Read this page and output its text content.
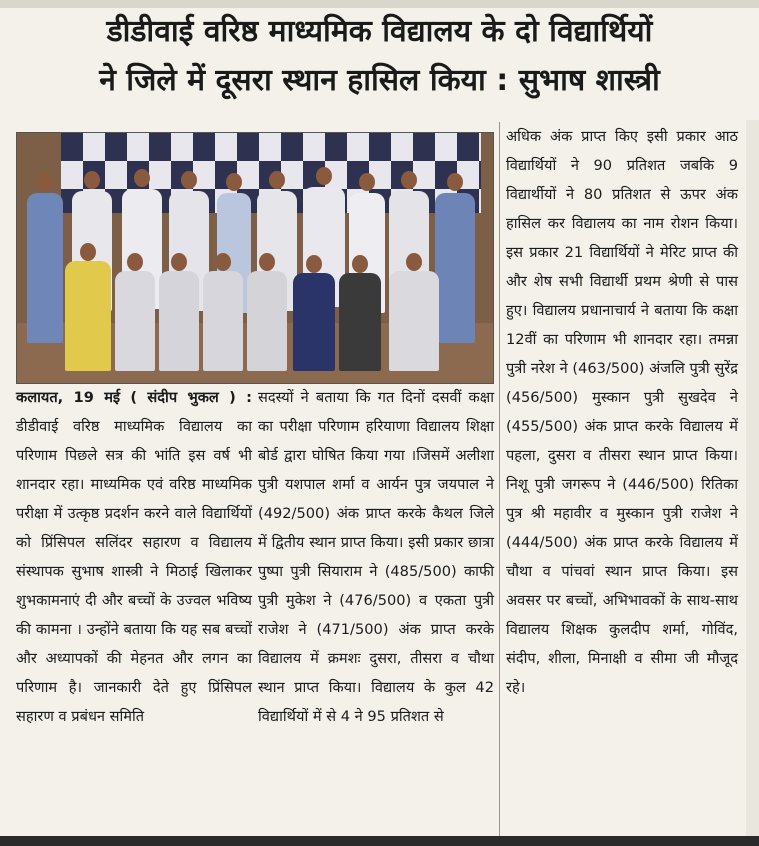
डीडीवाई वरिष्ठ माध्यमिक विद्यालय के दो विद्यार्थियों
ने जिले में दूसरा स्थान हासिल किया : सुभाष शास्त्री

कलायत, 19 मई ( संदीप भुकल ) : डीडीवाई वरिष्ठ माध्यमिक विद्यालय का परिणाम पिछले सत्र की भांति इस वर्ष भी शानदार रहा। माध्यमिक एवं वरिष्ठ माध्यमिक परीक्षा में उत्कृष्ठ प्रदर्शन करने वाले विद्यार्थियों को प्रिंसिपल सलिंदर सहारण व विद्यालय संस्थापक सुभाष शास्त्री ने मिठाई खिलाकर शुभकामनाएं दी और बच्चों के उज्वल भविष्य की कामना । उन्होंने बताया कि यह सब बच्चों और अध्यापकों की मेहनत और लगन का परिणाम है। जानकारी देते हुए प्रिंसिपल सहारण व प्रबंधन समिति

सदस्यों ने बताया कि गत दिनों दसवीं कक्षा का परीक्षा परिणाम हरियाणा विद्यालय शिक्षा बोर्ड द्वारा घोषित किया गया ।जिसमें अलीशा पुत्री यशपाल शर्मा व आर्यन पुत्र जयपाल ने (492/500) अंक प्राप्त करके कैथल जिले में द्वितीय स्थान प्राप्त किया। इसी प्रकार छात्रा पुष्पा पुत्री सियाराम ने (485/500) काफी पुत्री मुकेश ने (476/500) व एकता पुत्री राजेश ने (471/500) अंक प्राप्त करके विद्यालय में क्रमशः दुसरा, तीसरा व चौथा स्थान प्राप्त किया। विद्यालय के कुल 42 विद्यार्थियों में से 4 ने 95 प्रतिशत से

अधिक अंक प्राप्त किए इसी प्रकार आठ विद्यार्थियों ने 90 प्रतिशत जबकि 9 विद्यार्थीयों ने 80 प्रतिशत से ऊपर अंक हासिल कर विद्यालय का नाम रोशन किया। इस प्रकार 21 विद्यार्थियों ने मेरिट प्राप्त की और शेष सभी विद्यार्थी प्रथम श्रेणी से पास हुए। विद्यालय प्रधानाचार्य ने बताया कि कक्षा 12वीं का परिणाम भी शानदार रहा। तमन्ना पुत्री नरेश ने (463/500) अंजलि पुत्री सुरेंद्र (456/500) मुस्कान पुत्री सुखदेव ने (455/500) अंक प्राप्त करके विद्यालय में पहला, दुसरा व तीसरा स्थान प्राप्त किया। निशू पुत्री जगरूप ने (446/500) रितिका पुत्र श्री महावीर व मुस्कान पुत्री राजेश ने (444/500) अंक प्राप्त करके विद्यालय में चौथा व पांचवां स्थान प्राप्त किया। इस अवसर पर बच्चों, अभिभावकों के साथ-साथ विद्यालय शिक्षक कुलदीप शर्मा, गोविंद, संदीप, शीला, मिनाक्षी व सीमा जी मौजूद रहे।
